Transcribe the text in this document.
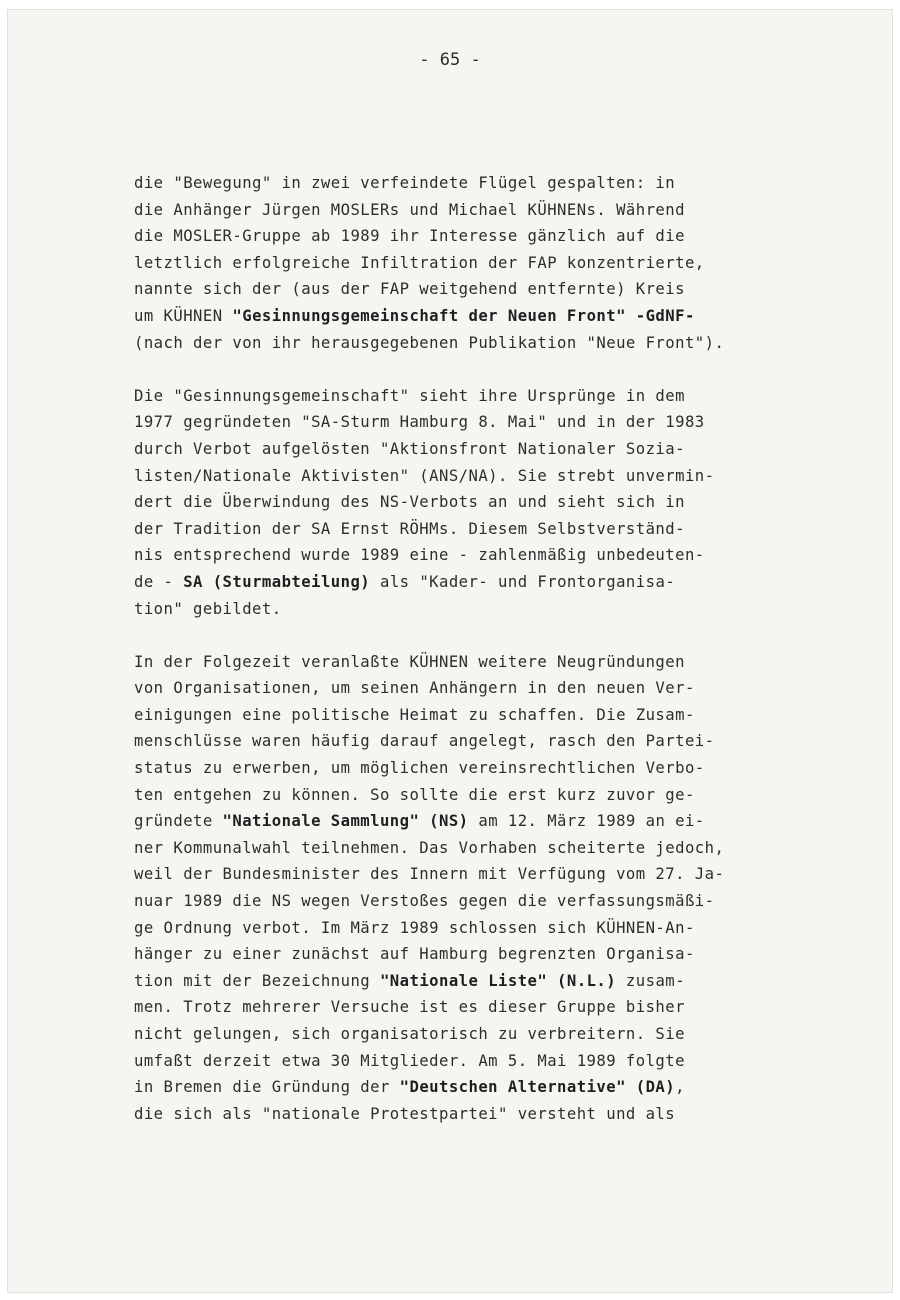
- 65 -
die "Bewegung" in zwei verfeindete Flügel gespalten: in
die Anhänger Jürgen MOSLERs und Michael KÜHNENs. Während
die MOSLER-Gruppe ab 1989 ihr Interesse gänzlich auf die
letztlich erfolgreiche Infiltration der FAP konzentrierte,
nannte sich der (aus der FAP weitgehend entfernte) Kreis
um KÜHNEN "Gesinnungsgemeinschaft der Neuen Front" -GdNF-
(nach der von ihr herausgegebenen Publikation "Neue Front").
Die "Gesinnungsgemeinschaft" sieht ihre Ursprünge in dem
1977 gegründeten "SA-Sturm Hamburg 8. Mai" und in der 1983
durch Verbot aufgelösten "Aktionsfront Nationaler Sozia-
listen/Nationale Aktivisten" (ANS/NA). Sie strebt unvermin-
dert die Überwindung des NS-Verbots an und sieht sich in
der Tradition der SA Ernst RÖHMs. Diesem Selbstverständ-
nis entsprechend wurde 1989 eine - zahlenmäßig unbedeuten-
de - SA (Sturmabteilung) als "Kader- und Frontorganisa-
tion" gebildet.
In der Folgezeit veranlaßte KÜHNEN weitere Neugründungen
von Organisationen, um seinen Anhängern in den neuen Ver-
einigungen eine politische Heimat zu schaffen. Die Zusam-
menschlüsse waren häufig darauf angelegt, rasch den Partei-
status zu erwerben, um möglichen vereinsrechtlichen Verbo-
ten entgehen zu können. So sollte die erst kurz zuvor ge-
gründete "Nationale Sammlung" (NS) am 12. März 1989 an ei-
ner Kommunalwahl teilnehmen. Das Vorhaben scheiterte jedoch,
weil der Bundesminister des Innern mit Verfügung vom 27. Ja-
nuar 1989 die NS wegen Verstoßes gegen die verfassungsmäßi-
ge Ordnung verbot. Im März 1989 schlossen sich KÜHNEN-An-
hänger zu einer zunächst auf Hamburg begrenzten Organisa-
tion mit der Bezeichnung "Nationale Liste" (N.L.) zusam-
men. Trotz mehrerer Versuche ist es dieser Gruppe bisher
nicht gelungen, sich organisatorisch zu verbreitern. Sie
umfaßt derzeit etwa 30 Mitglieder. Am 5. Mai 1989 folgte
in Bremen die Gründung der "Deutschen Alternative" (DA),
die sich als "nationale Protestpartei" versteht und als
